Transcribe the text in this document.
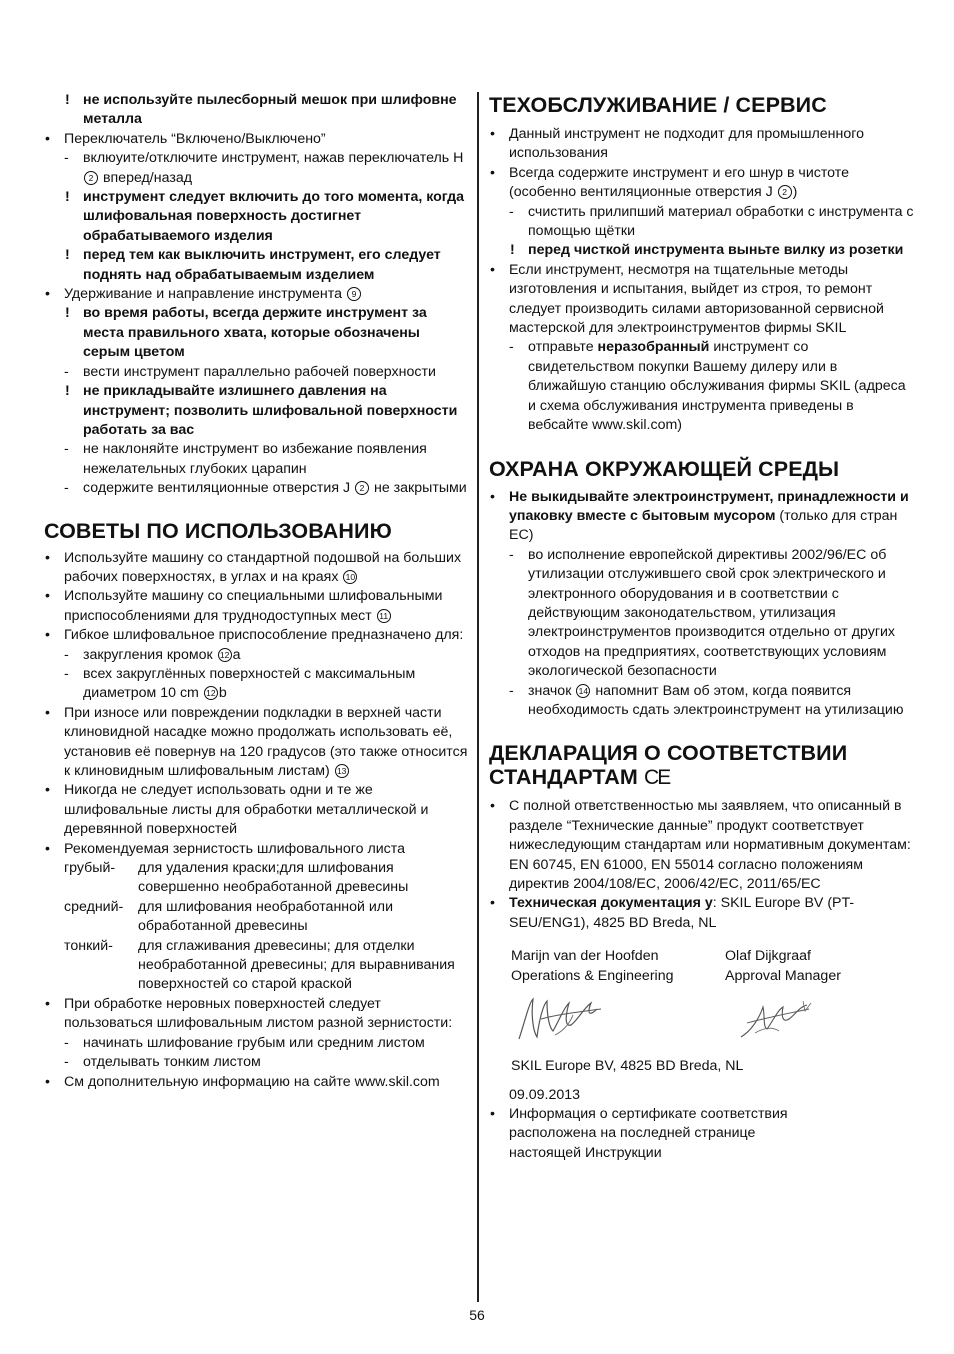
! не используйте пылесборный мешок при шлифовне металла
• Переключатель “Включено/Выключено”
- вклюуите/отключите инструмент, нажав переключатель H 2 вперед/назад
! инструмент следует включить до того момента, когда шлифовальная поверхность достигнет обрабатываемого изделия
! перед тем как выключить инструмент, его следует поднять над обрабатываемым изделием
• Удерживание и направление инструмента 9
! во время работы, всегда держите инструмент за места правильного хвата, которые обозначены серым цветом
- вести инструмент параллельно рабочей поверхности
! не прикладывайте излишнего давления на инструмент; позволить шлифовальной поверхности работать за вас
- не наклоняйте инструмент во избежание появления нежелательных глубоких царапин
- содержите вентиляционные отверстия J 2 не закрытыми
СОВЕТЫ ПО ИСПОЛЬЗОВАНИЮ
• Используйте машину со стандартной подошвой на больших рабочих поверхностях, в углах и на краях 10
• Используйте машину со специальными шлифовальными приспособлениями для труднодоступных мест 11
• Гибкое шлифовальное приспособление предназначено для:
- закругления кромок 12 a
- всех закруглённых поверхностей с максимальным диаметром 10 cm 12 b
• При износе или повреждении подкладки в верхней части клиновидной насадке можно продолжать использовать её, установив её повернув на 120 градусов (это также относится к клиновидным шлифовальным листам) 13
• Никогда не следует использовать одни и те же шлифовальные листы для обработки металлической и деревянной поверхностей
• Рекомендуемая зернистость шлифовального листа
грубый- для удаления краски;для шлифования совершенно необработанной древесины
средний- для шлифования необработанной или обработанной древесины
тонкий- для сглаживания древесины; для отделки необработанной древесины; для выравнивания поверхностей со старой краской
• При обработке неровных поверхностей следует пользоваться шлифовальным листом разной зернистости:
- начинать шлифование грубым или средним листом
- отделывать тонким листом
• См дополнительную информацию на сайте www.skil.com
ТЕХОБСЛУЖИВАНИЕ / СЕРВИС
• Данный инструмент не подходит для промышленного использования
• Всегда содержите инструмент и его шнур в чистоте (особенно вентиляционные отверстия J 2 )
- счистить прилипший материал обработки с инструмента с помощью щётки
! перед чисткой инструмента выньте вилку из розетки
• Если инструмент, несмотря на тщательные методы изготовления и испытания, выйдет из строя, то ремонт следует производить силами авторизованной сервисной мастерской для электроинструментов фирмы SKIL
- отправьте неразобранный инструмент со свидетельством покупки Вашему дилеру или в ближайшую станцию обслуживания фирмы SKIL (адреса и схема обслуживания инструмента приведены в вебсайте www.skil.com)
ОХРАНА ОКРУЖАЮЩЕЙ СРЕДЫ
• Не выкидывайте электроинструмент, принадлежности и упаковку вместе с бытовым мусором (только для стран ЕС)
- во исполнение европейской директивы 2002/96/ЕС об утилизации отслужившего свой срок электрического и электронного оборудования и в соответствии с действующим законодательством, утилизация электроинструментов производится отдельно от других отходов на предприятиях, соответствующих условиям экологической безопасности
- значок 14 напомнит Вам об этом, когда появится необходимость сдать электроинструмент на утилизацию
ДЕКЛАРАЦИЯ О СООТВЕТСТВИИ СТАНДАРТАМ CE
• С полной ответственностью мы заявляем, что описанный в разделе “Технические данные” продукт соответствует нижеследующим стандартам или нормативным документам: EN 60745, EN 61000, EN 55014 согласно положениям директив 2004/108/EC, 2006/42/EC, 2011/65/EC
• Техническая документация у: SKIL Europe BV (PT-SEU/ENG1), 4825 BD Breda, NL
Marijn van der Hoofden
Operations & Engineering
Olaf Dijkgraaf
Approval Manager
SKIL Europe BV, 4825 BD Breda, NL
09.09.2013
• Информация о сертификате соответствия расположена на последней странице настоящей Инструкции
56
